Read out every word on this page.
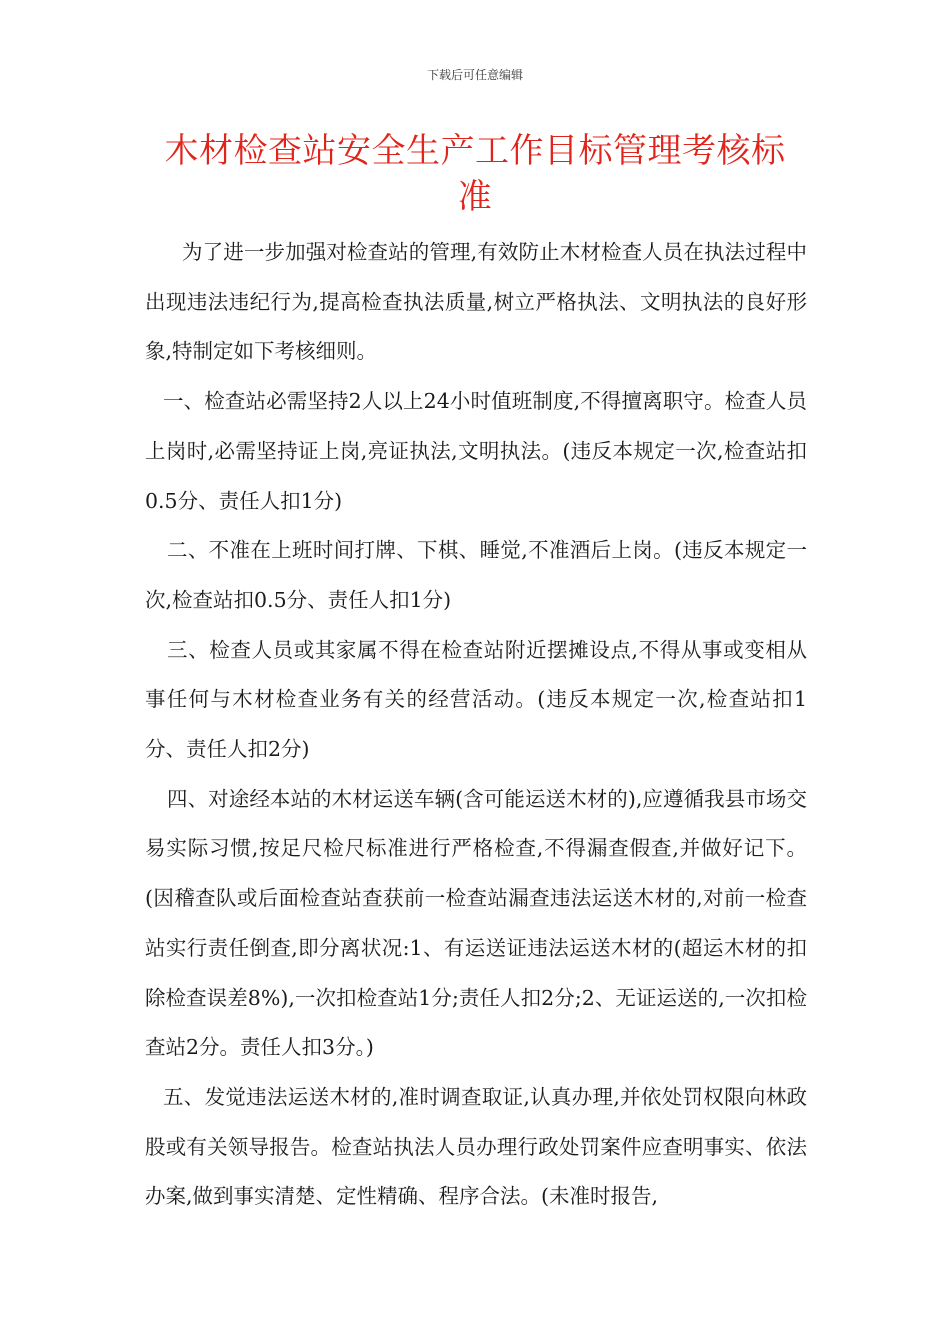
下载后可任意编辑
木材检查站安全生产工作目标管理考核标
准

为了进一步加强对检查站的管理,有效防止木材检查人员在执法过程中出现违法违纪行为,提高检查执法质量,树立严格执法、文明执法的良好形象,特制定如下考核细则。

一、检查站必需坚持2人以上24小时值班制度,不得擅离职守。检查人员上岗时,必需坚持证上岗,亮证执法,文明执法。(违反本规定一次,检查站扣0.5分、责任人扣1分)

二、不准在上班时间打牌、下棋、睡觉,不准酒后上岗。(违反本规定一次,检查站扣0.5分、责任人扣1分)

三、检查人员或其家属不得在检查站附近摆摊设点,不得从事或变相从事任何与木材检查业务有关的经营活动。(违反本规定一次,检查站扣1分、责任人扣2分)

四、对途经本站的木材运送车辆(含可能运送木材的),应遵循我县市场交易实际习惯,按足尺检尺标准进行严格检查,不得漏查假查,并做好记下。(因稽查队或后面检查站查获前一检查站漏查违法运送木材的,对前一检查站实行责任倒查,即分离状况:1、有运送证违法运送木材的(超运木材的扣除检查误差8%),一次扣检查站1分;责任人扣2分;2、无证运送的,一次扣检查站2分。责任人扣3分。)

五、发觉违法运送木材的,准时调查取证,认真办理,并依处罚权限向林政股或有关领导报告。检查站执法人员办理行政处罚案件应查明事实、依法办案,做到事实清楚、定性精确、程序合法。(未准时报告,
